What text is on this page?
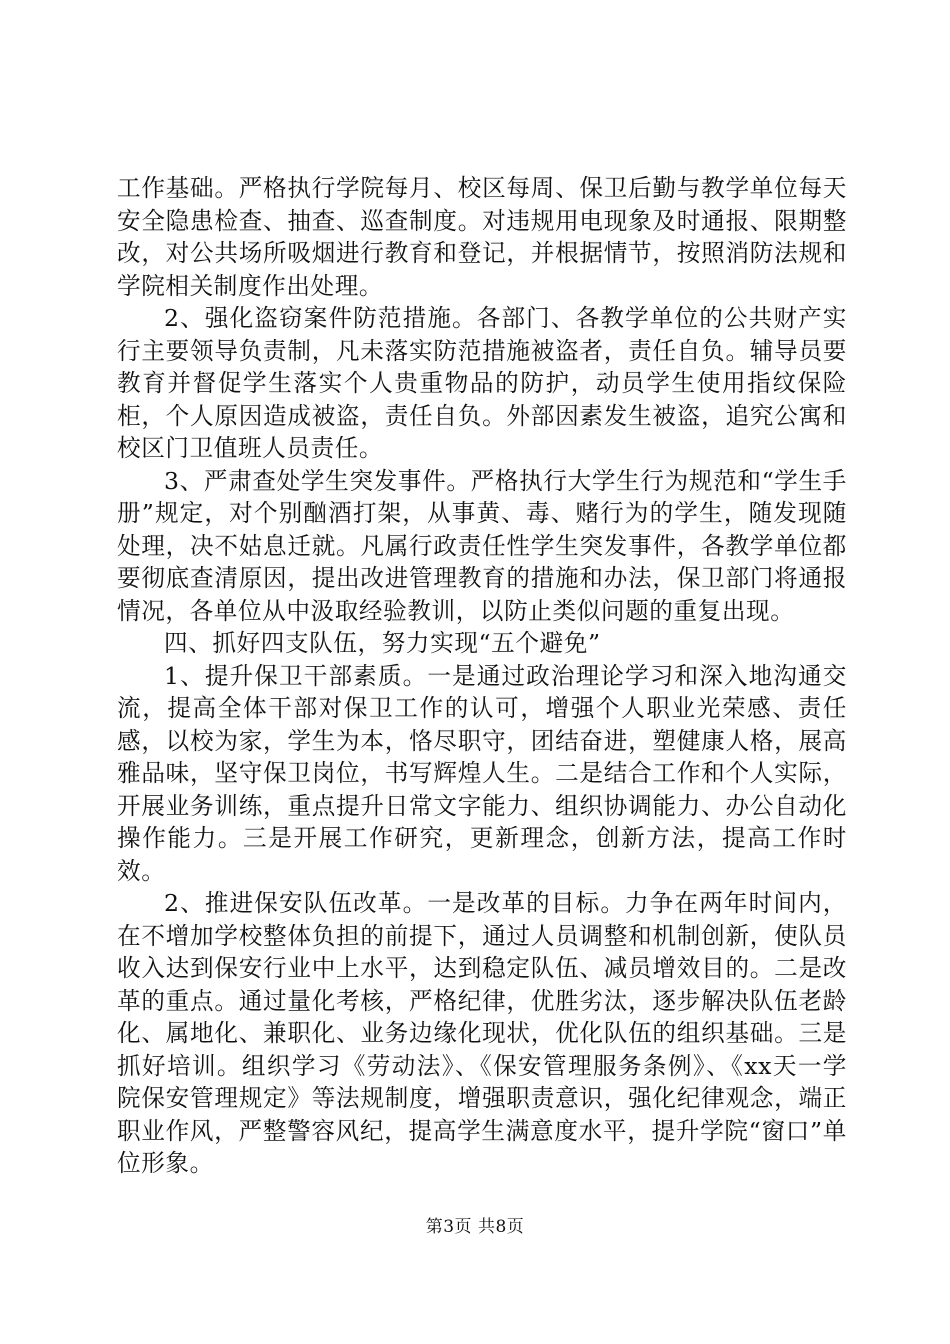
工作基础。严格执行学院每月、校区每周、保卫后勤与教学单位每天安全隐患检查、抽查、巡查制度。对违规用电现象及时通报、限期整改，对公共场所吸烟进行教育和登记，并根据情节，按照消防法规和学院相关制度作出处理。

2、强化盗窃案件防范措施。各部门、各教学单位的公共财产实行主要领导负责制，凡未落实防范措施被盗者，责任自负。辅导员要教育并督促学生落实个人贵重物品的防护，动员学生使用指纹保险柜，个人原因造成被盗，责任自负。外部因素发生被盗，追究公寓和校区门卫值班人员责任。

3、严肃查处学生突发事件。严格执行大学生行为规范和“学生手册”规定，对个别酗酒打架，从事黄、毒、赌行为的学生，随发现随处理，决不姑息迁就。凡属行政责任性学生突发事件，各教学单位都要彻底查清原因，提出改进管理教育的措施和办法，保卫部门将通报情况，各单位从中汲取经验教训，以防止类似问题的重复出现。

四、抓好四支队伍，努力实现“五个避免”

1、提升保卫干部素质。一是通过政治理论学习和深入地沟通交流，提高全体干部对保卫工作的认可，增强个人职业光荣感、责任感，以校为家，学生为本，恪尽职守，团结奋进，塑健康人格，展高雅品味，坚守保卫岗位，书写辉煌人生。二是结合工作和个人实际，开展业务训练，重点提升日常文字能力、组织协调能力、办公自动化操作能力。三是开展工作研究，更新理念，创新方法，提高工作时效。

2、推进保安队伍改革。一是改革的目标。力争在两年时间内，在不增加学校整体负担的前提下，通过人员调整和机制创新，使队员收入达到保安行业中上水平，达到稳定队伍、减员增效目的。二是改革的重点。通过量化考核，严格纪律，优胜劣汰，逐步解决队伍老龄化、属地化、兼职化、业务边缘化现状，优化队伍的组织基础。三是抓好培训。组织学习《劳动法》、《保安管理服务条例》、《xx天一学院保安管理规定》等法规制度，增强职责意识，强化纪律观念，端正职业作风，严整警容风纪，提高学生满意度水平，提升学院“窗口”单位形象。

第3页 共8页
